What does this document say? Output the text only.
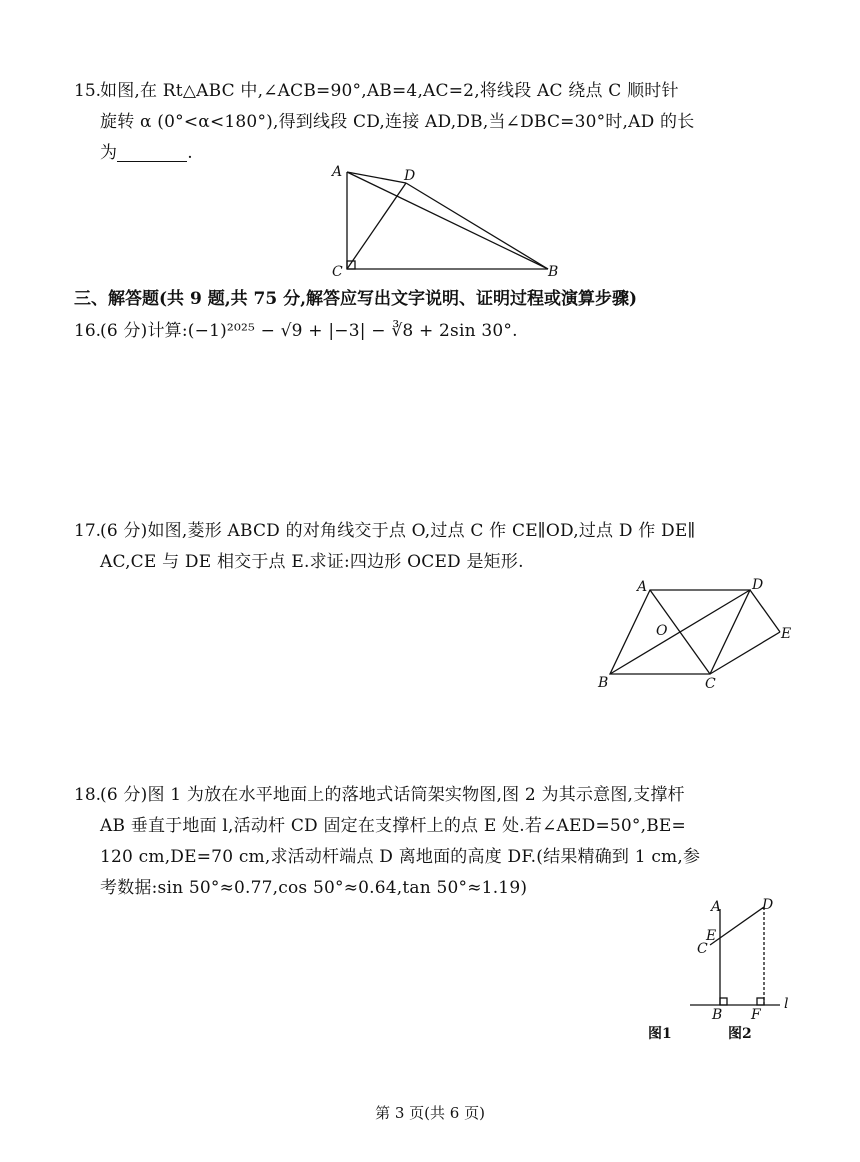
15.
如图,在 Rt△ABC 中,∠ACB=90°,AB=4,AC=2,将线段 AC 绕点 C 顺时针
旋转 α (0°<α<180°),得到线段 CD,连接 AD,DB,当∠DBC=30°时,AD 的长
为	.
A	D
C	B
三、解答题(共 9 题,共 75 分,解答应写出文字说明、证明过程或演算步骤)
16.
(6 分)计算:(−1)²⁰²⁵ − √9 + |−3| − ∛8 + 2sin 30°.
17.
(6 分)如图,菱形 ABCD 的对角线交于点 O,过点 C 作 CE∥OD,过点 D 作 DE∥
AC,CE 与 DE 相交于点 E.求证:四边形 OCED 是矩形.
A	D
O	E
B	C
18.
(6 分)图 1 为放在水平地面上的落地式话筒架实物图,图 2 为其示意图,支撑杆
AB 垂直于地面 l,活动杆 CD 固定在支撑杆上的点 E 处.若∠AED=50°,BE=
120 cm,DE=70 cm,求活动杆端点 D 离地面的高度 DF.(结果精确到 1 cm,参
考数据:sin 50°≈0.77,cos 50°≈0.64,tan 50°≈1.19)
A	D
E
C
B F
l
图1	图2
第 3 页(共 6 页)
